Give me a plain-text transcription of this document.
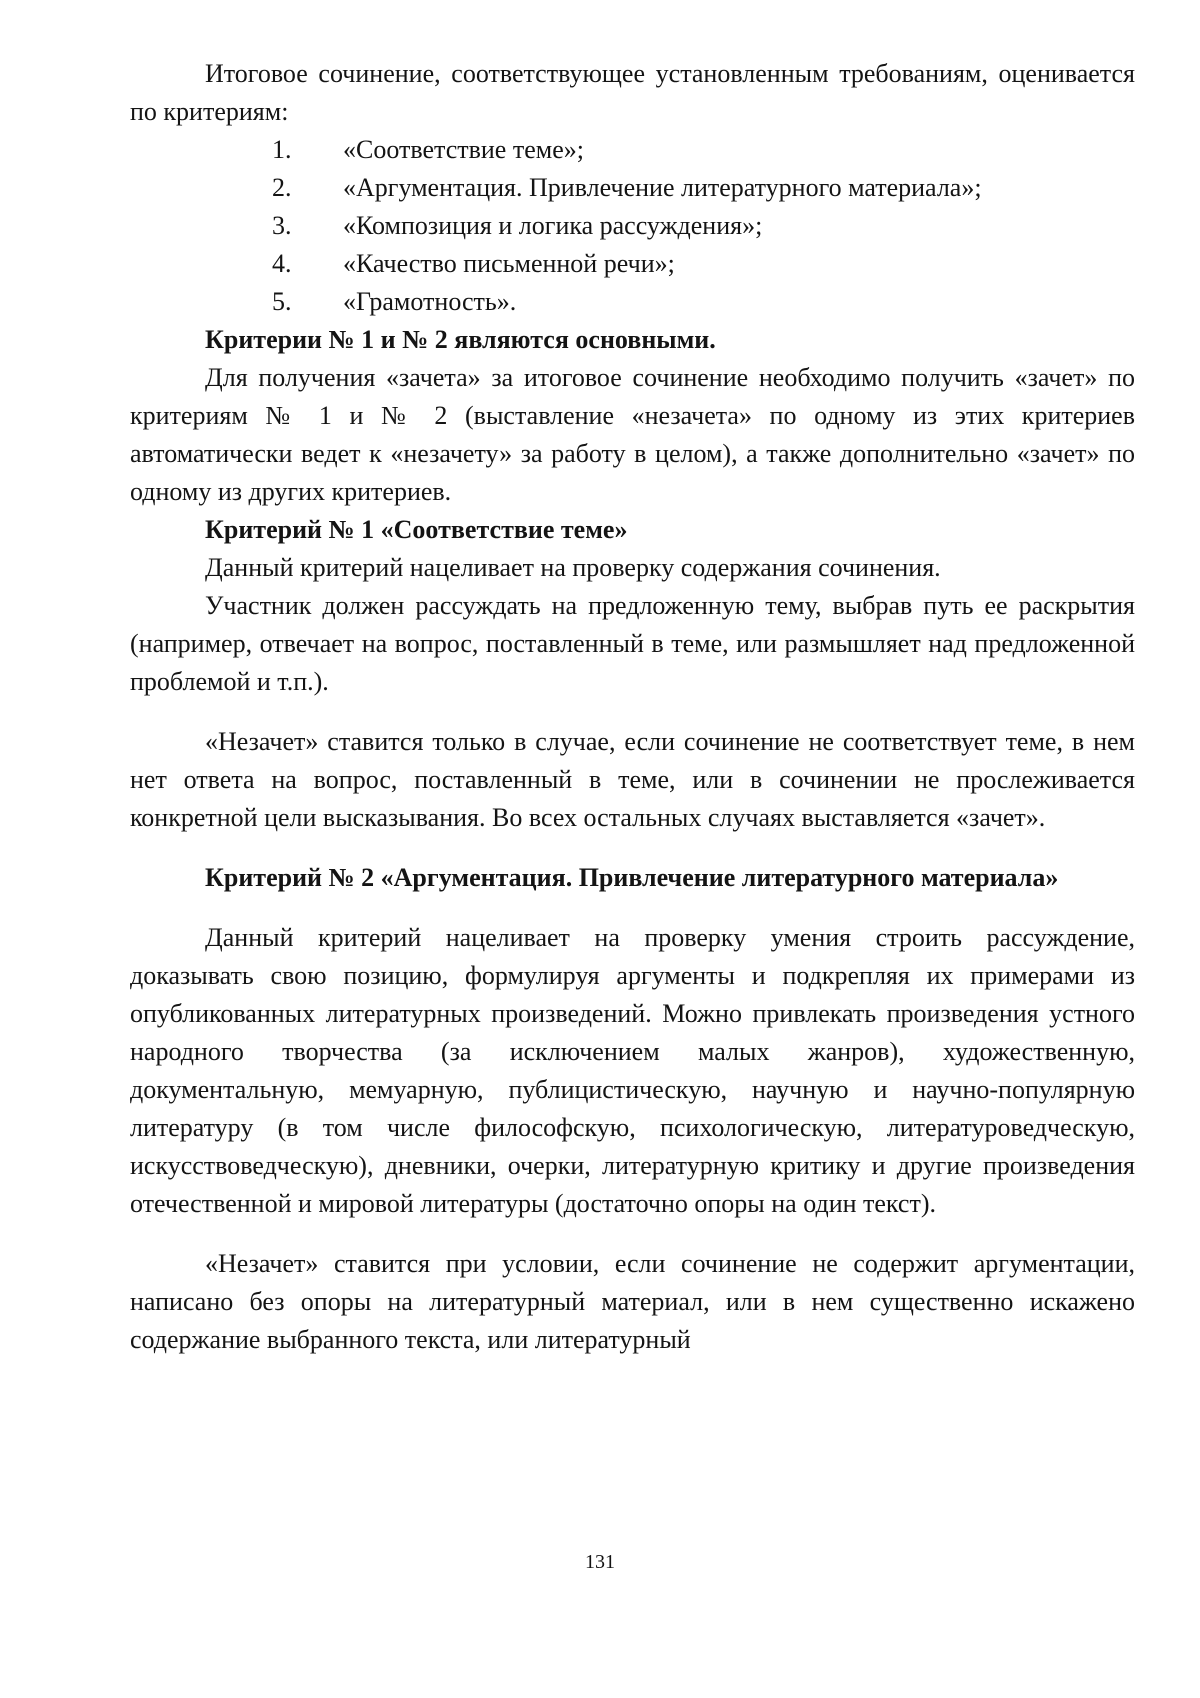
Итоговое сочинение, соответствующее установленным требованиям, оценивается по критериям:

1. «Соответствие теме»;
2. «Аргументация. Привлечение литературного материала»;
3. «Композиция и логика рассуждения»;
4. «Качество письменной речи»;
5. «Грамотность».

Критерии № 1 и № 2 являются основными.

Для получения «зачета» за итоговое сочинение необходимо получить «зачет» по критериям № 1 и № 2 (выставление «незачета» по одному из этих критериев автоматически ведет к «незачету» за работу в целом), а также дополнительно «зачет» по одному из других критериев.

Критерий № 1 «Соответствие теме»

Данный критерий нацеливает на проверку содержания сочинения.

Участник должен рассуждать на предложенную тему, выбрав путь ее раскрытия (например, отвечает на вопрос, поставленный в теме, или размышляет над предложенной проблемой и т.п.).

«Незачет» ставится только в случае, если сочинение не соответствует теме, в нем нет ответа на вопрос, поставленный в теме, или в сочинении не прослеживается конкретной цели высказывания. Во всех остальных случаях выставляется «зачет».

Критерий № 2 «Аргументация. Привлечение литературного материала»

Данный критерий нацеливает на проверку умения строить рассуждение, доказывать свою позицию, формулируя аргументы и подкрепляя их примерами из опубликованных литературных произведений. Можно привлекать произведения устного народного творчества (за исключением малых жанров), художественную, документальную, мемуарную, публицистическую, научную и научно-популярную литературу (в том числе философскую, психологическую, литературоведческую, искусствоведческую), дневники, очерки, литературную критику и другие произведения отечественной и мировой литературы (достаточно опоры на один текст).

«Незачет» ставится при условии, если сочинение не содержит аргументации, написано без опоры на литературный материал, или в нем существенно искажено содержание выбранного текста, или литературный

131
